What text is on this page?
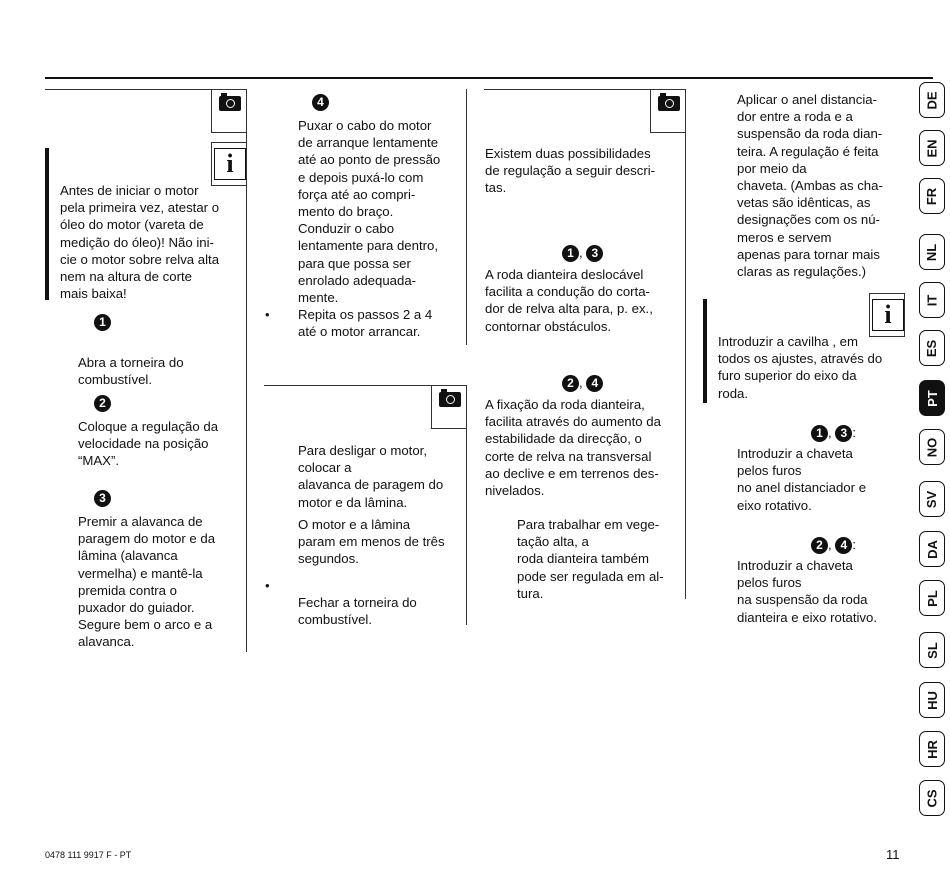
i
Antes de iniciar o motor
pela primeira vez, atestar o
óleo do motor (vareta de
medição do óleo)! Não ini-
cie o motor sobre relva alta
nem na altura de corte
mais baixa!
1
Abra a torneira do
combustível.
2
Coloque a regulação da
velocidade na posição
“MAX”.
3
Premir a alavanca de
paragem do motor e da
lâmina (alavanca
vermelha) e mantê-la
premida contra o
puxador do guiador.
Segure bem o arco e a
alavanca.
4
Puxar o cabo do motor
de arranque lentamente
até ao ponto de pressão
e depois puxá-lo com
força até ao compri-
mento do braço.
Conduzir o cabo
lentamente para dentro,
para que possa ser
enrolado adequada-
mente.
• Repita os passos 2 a 4
até o motor arrancar.
Para desligar o motor,
colocar a
alavanca de paragem do
motor e da lâmina.
O motor e a lâmina
param em menos de três
segundos.
•
Fechar a torneira do
combustível.
Existem duas possibilidades
de regulação a seguir descri-
tas.
1 , 3
A roda dianteira deslocável
facilita a condução do corta-
dor de relva alta para, p. ex.,
contornar obstáculos.
2 , 4
A fixação da roda dianteira,
facilita através do aumento da
estabilidade da direcção, o
corte de relva na transversal
ao declive e em terrenos des-
nivelados.
Para trabalhar em vege-
tação alta, a
roda dianteira também
pode ser regulada em al-
tura.
Aplicar o anel distancia-
dor entre a roda e a
suspensão da roda dian-
teira. A regulação é feita
por meio da
chaveta. (Ambas as cha-
vetas são idênticas, as
designações com os nú-
meros e servem
apenas para tornar mais
claras as regulações.)
i
Introduzir a cavilha , em
todos os ajustes, através do
furo superior do eixo da
roda.
1 , 3 :
Introduzir a chaveta
pelos furos
no anel distanciador e
eixo rotativo.
2 , 4 :
Introduzir a chaveta
pelos furos
na suspensão da roda
dianteira e eixo rotativo.
DE
EN
FR
NL
IT
ES
PT
NO
SV
DA
PL
SL
HU
HR
CS
0478 111 9917 F - PT	11
